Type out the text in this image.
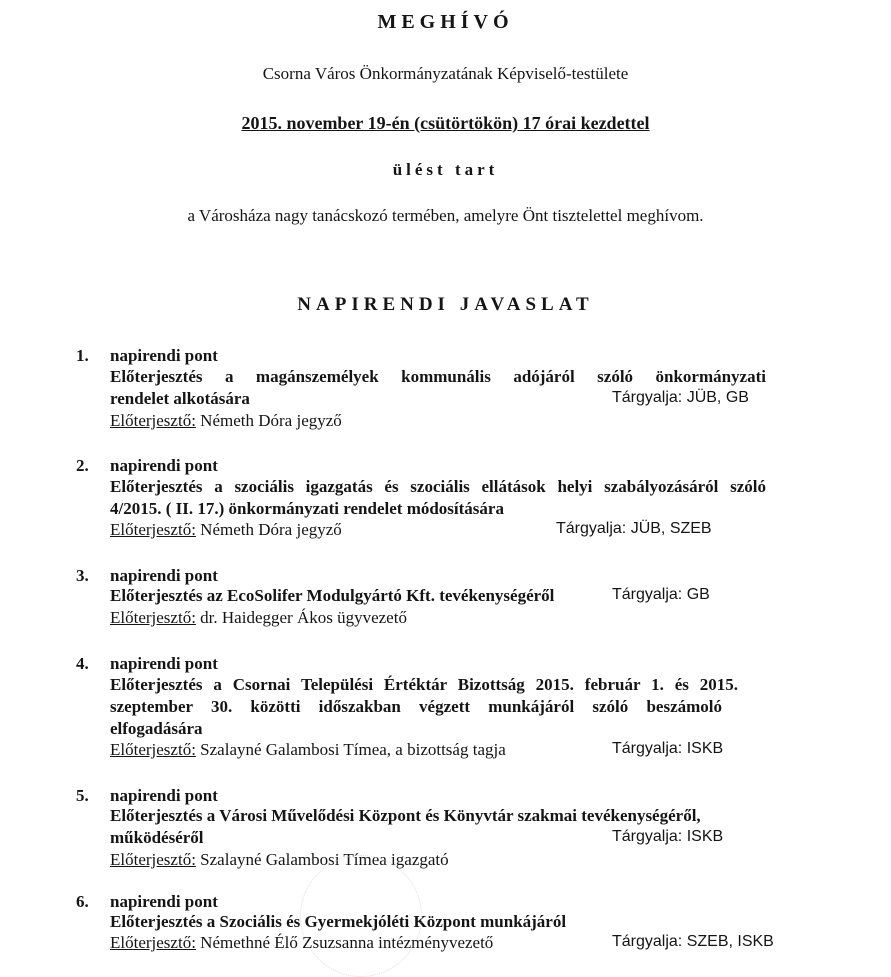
MEGHÍVÓ
Csorna Város Önkormányzatának Képviselő-testülete
2015. november 19-én (csütörtökön) 17 órai kezdettel
ülést tart
a Városháza nagy tanácskozó termében, amelyre Önt tisztelettel meghívom.
NAPIRENDI JAVASLAT
1. napirendi pont
Előterjesztés a magánszemélyek kommunális adójáról szóló önkormányzati
rendelet alkotására	Tárgyalja: JÜB, GB
Előterjesztő: Németh Dóra jegyző
2. napirendi pont
Előterjesztés a szociális igazgatás és szociális ellátások helyi szabályozásáról szóló
4/2015. ( II. 17.) önkormányzati rendelet módosítására
Előterjesztő: Németh Dóra jegyző	Tárgyalja: JÜB, SZEB
3. napirendi pont
Előterjesztés az EcoSolifer Modulgyártó Kft. tevékenységéről	Tárgyalja: GB
Előterjesztő: dr. Haidegger Ákos ügyvezető
4. napirendi pont
Előterjesztés a Csornai Települési Értéktár Bizottság 2015. február 1. és 2015.
szeptember 30. közötti időszakban végzett munkájáról szóló beszámoló
elfogadására
Előterjesztő: Szalayné Galambosi Tímea, a bizottság tagja	Tárgyalja: ISKB
5. napirendi pont
Előterjesztés a Városi Művelődési Központ és Könyvtár szakmai tevékenységéről,
működéséről	Tárgyalja: ISKB
Előterjesztő: Szalayné Galambosi Tímea igazgató
6. napirendi pont
Előterjesztés a Szociális és Gyermekjóléti Központ munkájáról
Előterjesztő: Némethné Élő Zsuzsanna intézményvezető	Tárgyalja: SZEB, ISKB
